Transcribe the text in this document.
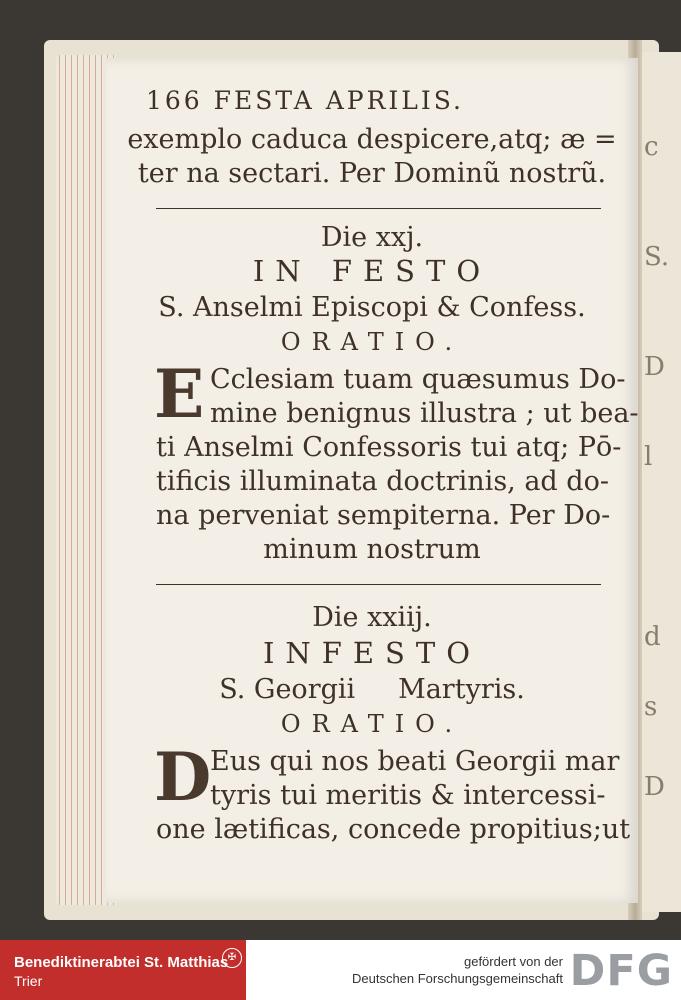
c
S.
D
l
d
s
D
166 FESTA APRILIS.
exemplo caduca despicere,atq; æ =
ter na sectari. Per Dominũ nostrũ.
Die xxj.
IN FESTO
S. Anselmi Episcopi & Confess.
ORATIO.
E Cclesiam tuam quæsumus Do-
mine benignus illustra ; ut bea-
ti Anselmi Confessoris tui atq; Pō-
tificis illuminata doctrinis, ad do-
na perveniat sempiterna. Per Do-
minum nostrum
Die xxiij.
INFESTO
S. Georgii     Martyris.
ORATIO.
D
Eus qui nos beati Georgii mar
tyris tui meritis & intercessi-
one lætificas, concede propitius;ut
Benediktinerabtei St. Matthias
Trier
✠	gefördert von der
Deutschen Forschungsgemeinschaft DFG
